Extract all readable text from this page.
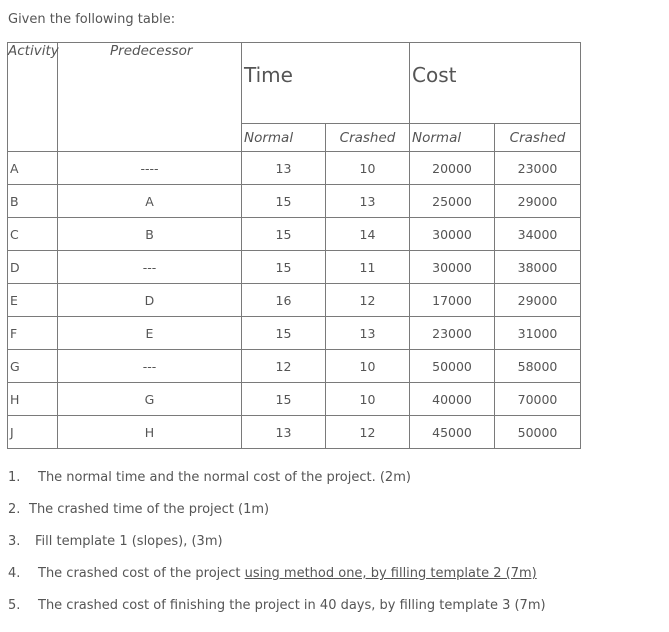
Given the following table:
Activity	Predecessor	Time		Cost	
		Normal	Crashed	Normal	Crashed
A	----	13	10	20000	23000
B	A	15	13	25000	29000
C	B	15	14	30000	34000
D	---	15	11	30000	38000
E	D	16	12	17000	29000
F	E	15	13	23000	31000
G	---	12	10	50000	58000
H	G	15	10	40000	70000
J	H	13	12	45000	50000
1. The normal time and the normal cost of the project. (2m)
2. The crashed time of the project (1m)
3. Fill template 1 (slopes), (3m)
4. The crashed cost of the project using method one, by filling template 2 (7m)
5. The crashed cost of finishing the project in 40 days, by filling template 3 (7m)
